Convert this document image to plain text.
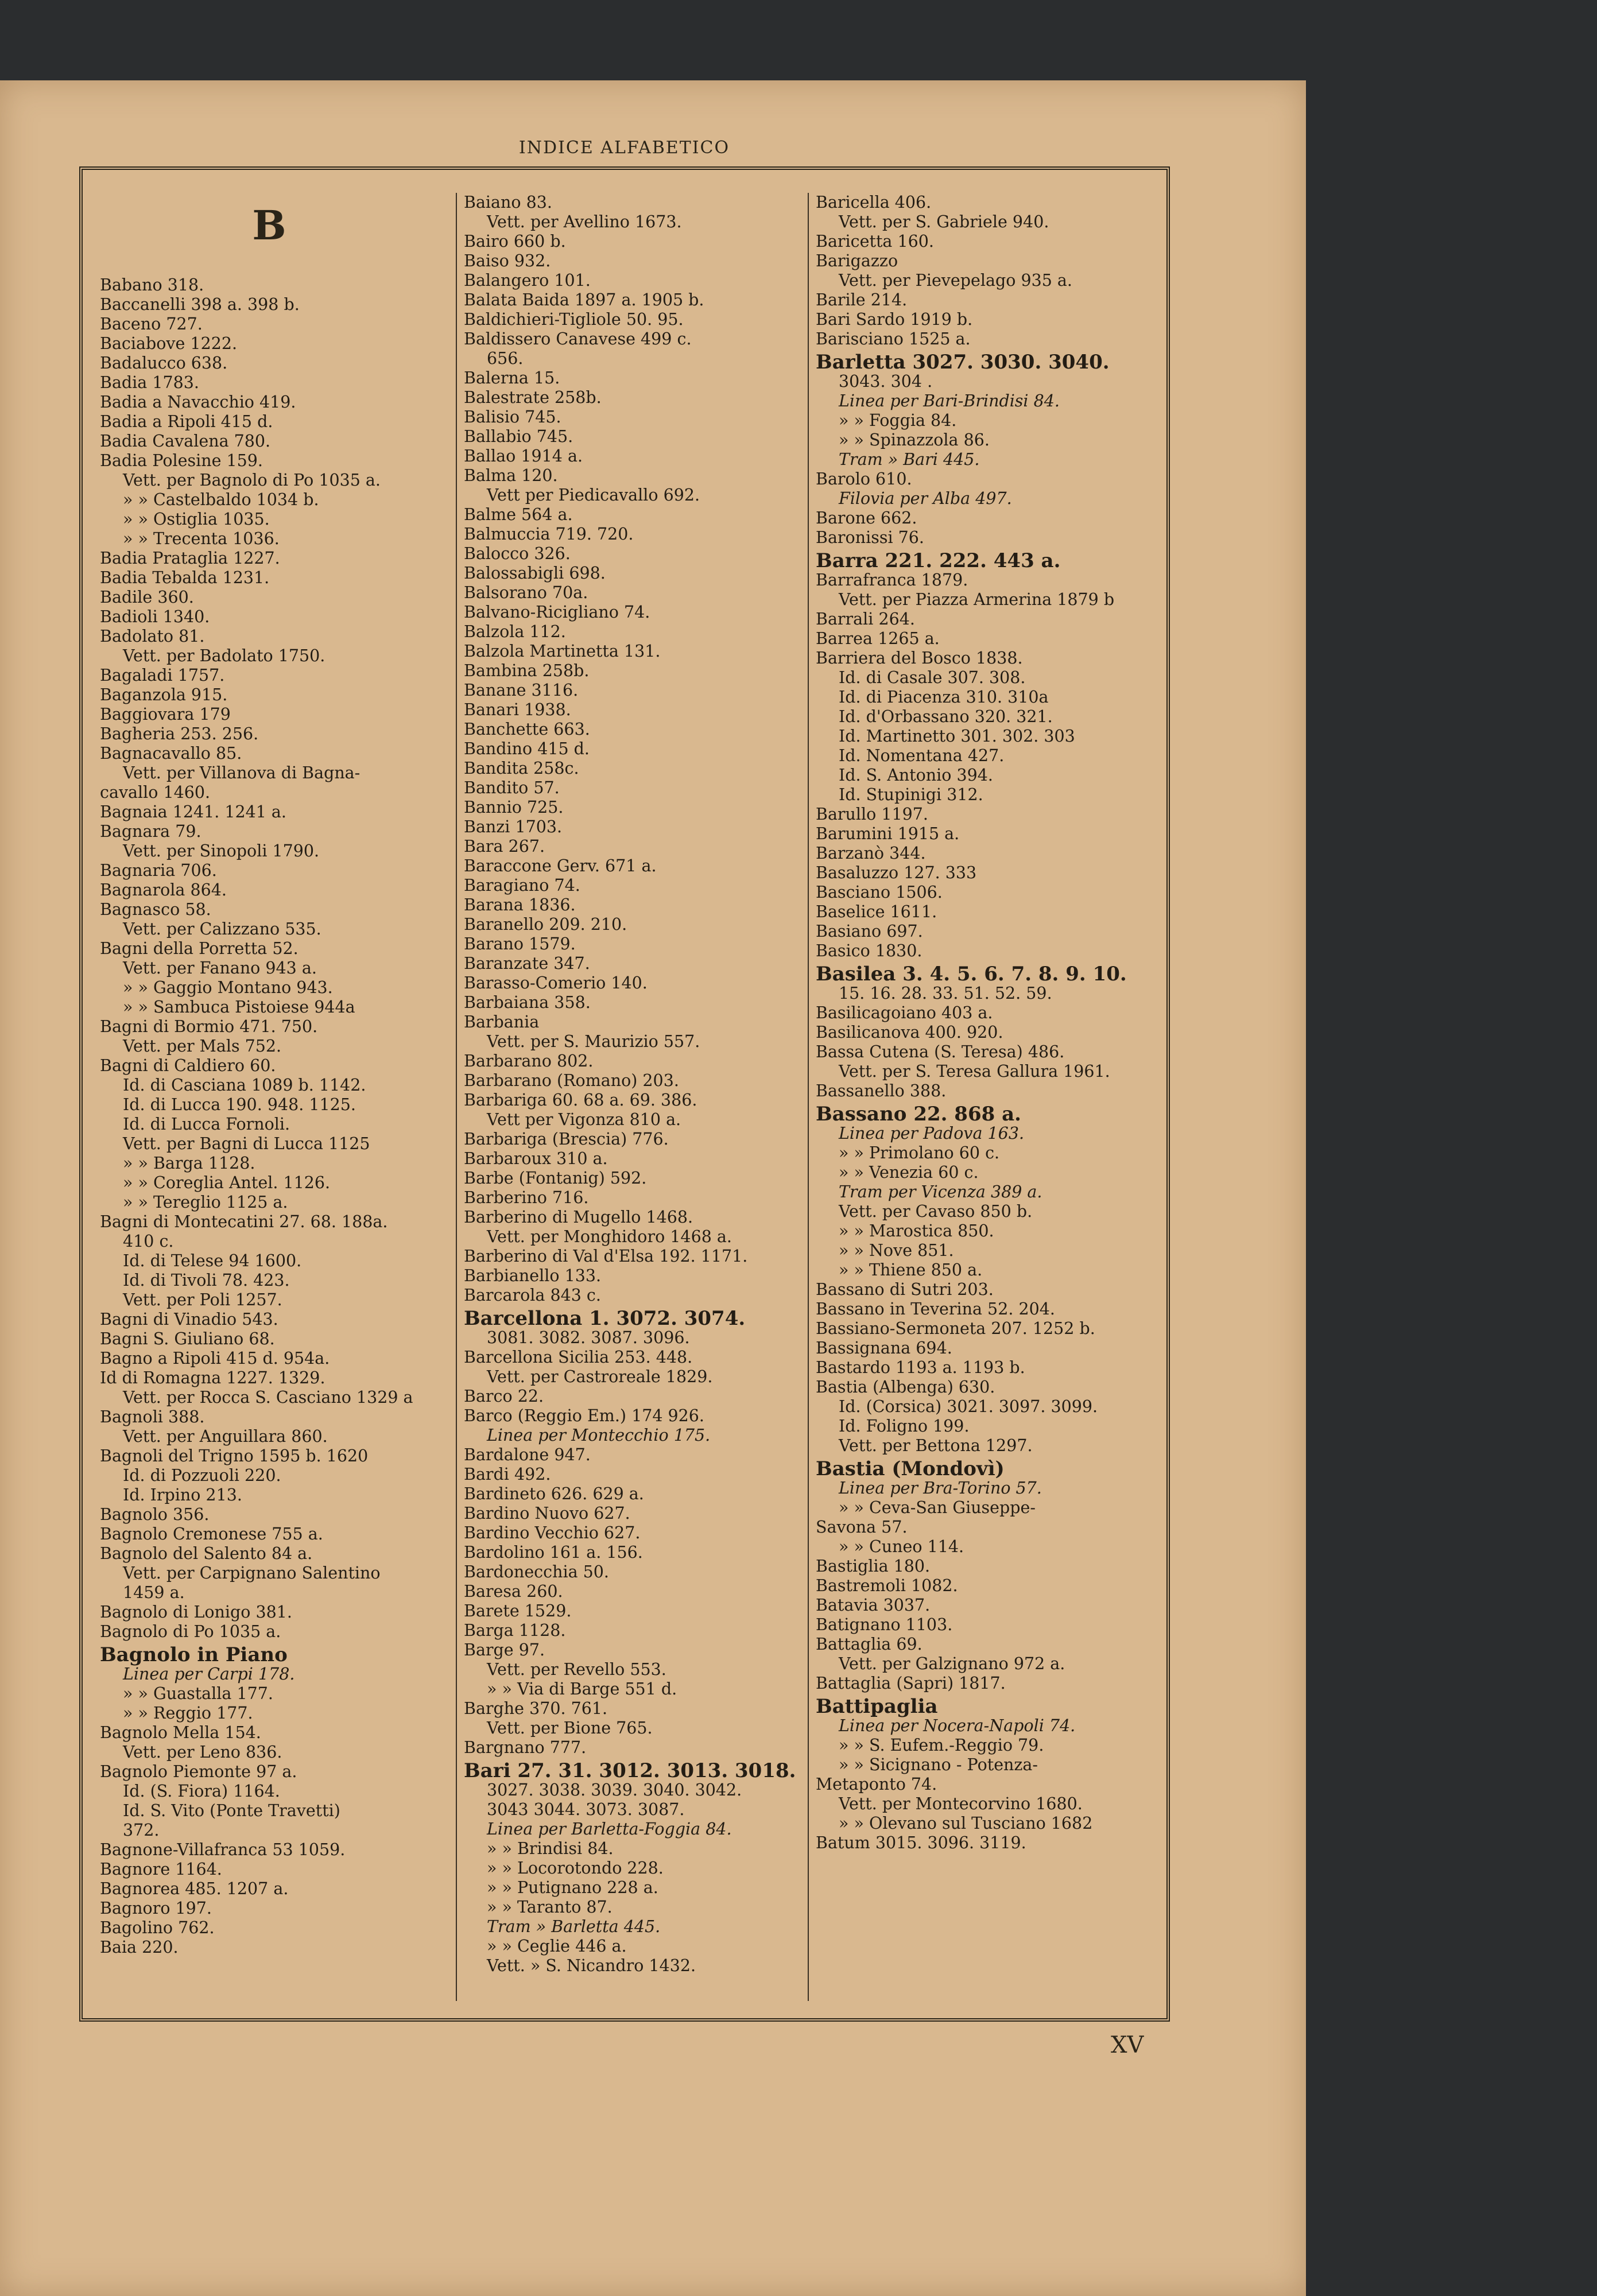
INDICE ALFABETICO
B
Babano 318.
Baccanelli 398 a. 398 b.
Baceno 727.
Baciabove 1222.
Badalucco 638.
Badia 1783.
Badia a Navacchio 419.
Badia a Ripoli 415 d.
Badia Cavalena 780.
Badia Polesine 159.
Vett. per Bagnolo di Po 1035 a.
» » Castelbaldo 1034 b.
» » Ostiglia 1035.
» » Trecenta 1036.
Badia Prataglia 1227.
Badia Tebalda 1231.
Badile 360.
Badioli 1340.
Badolato 81.
Vett. per Badolato 1750.
Bagaladi 1757.
Baganzola 915.
Baggiovara 179
Bagheria 253. 256.
Bagnacavallo 85.
Vett. per Villanova di Bagna-
cavallo 1460.
Bagnaia 1241. 1241 a.
Bagnara 79.
Vett. per Sinopoli 1790.
Bagnaria 706.
Bagnarola 864.
Bagnasco 58.
Vett. per Calizzano 535.
Bagni della Porretta 52.
Vett. per Fanano 943 a.
» » Gaggio Montano 943.
» » Sambuca Pistoiese 944a
Bagni di Bormio 471. 750.
Vett. per Mals 752.
Bagni di Caldiero 60.
Id. di Casciana 1089 b. 1142.
Id. di Lucca 190. 948. 1125.
Id. di Lucca Fornoli.
Vett. per Bagni di Lucca 1125
» » Barga 1128.
» » Coreglia Antel. 1126.
» » Tereglio 1125 a.
Bagni di Montecatini 27. 68. 188a.
410 c.
Id. di Telese 94 1600.
Id. di Tivoli 78. 423.
Vett. per Poli 1257.
Bagni di Vinadio 543.
Bagni S. Giuliano 68.
Bagno a Ripoli 415 d. 954a.
Id di Romagna 1227. 1329.
Vett. per Rocca S. Casciano 1329 a
Bagnoli 388.
Vett. per Anguillara 860.
Bagnoli del Trigno 1595 b. 1620
Id. di Pozzuoli 220.
Id. Irpino 213.
Bagnolo 356.
Bagnolo Cremonese 755 a.
Bagnolo del Salento 84 a.
Vett. per Carpignano Salentino
1459 a.
Bagnolo di Lonigo 381.
Bagnolo di Po 1035 a.
Bagnolo in Piano
Linea per Carpi 178.
» » Guastalla 177.
» » Reggio 177.
Bagnolo Mella 154.
Vett. per Leno 836.
Bagnolo Piemonte 97 a.
Id. (S. Fiora) 1164.
Id. S. Vito (Ponte Travetti)
372.
Bagnone-Villafranca 53 1059.
Bagnore 1164.
Bagnorea 485. 1207 a.
Bagnoro 197.
Bagolino 762.
Baia 220.
Baiano 83.
Vett. per Avellino 1673.
Bairo 660 b.
Baiso 932.
Balangero 101.
Balata Baida 1897 a. 1905 b.
Baldichieri-Tigliole 50. 95.
Baldissero Canavese 499 c.
656.
Balerna 15.
Balestrate 258b.
Balisio 745.
Ballabio 745.
Ballao 1914 a.
Balma 120.
Vett per Piedicavallo 692.
Balme 564 a.
Balmuccia 719. 720.
Balocco 326.
Balossabigli 698.
Balsorano 70a.
Balvano-Ricigliano 74.
Balzola 112.
Balzola Martinetta 131.
Bambina 258b.
Banane 3116.
Banari 1938.
Banchette 663.
Bandino 415 d.
Bandita 258c.
Bandito 57.
Bannio 725.
Banzi 1703.
Bara 267.
Baraccone Gerv. 671 a.
Baragiano 74.
Barana 1836.
Baranello 209. 210.
Barano 1579.
Baranzate 347.
Barasso-Comerio 140.
Barbaiana 358.
Barbania
Vett. per S. Maurizio 557.
Barbarano 802.
Barbarano (Romano) 203.
Barbariga 60. 68 a. 69. 386.
Vett per Vigonza 810 a.
Barbariga (Brescia) 776.
Barbaroux 310 a.
Barbe (Fontanig) 592.
Barberino 716.
Barberino di Mugello 1468.
Vett. per Monghidoro 1468 a.
Barberino di Val d'Elsa 192. 1171.
Barbianello 133.
Barcarola 843 c.
Barcellona 1. 3072. 3074.
3081. 3082. 3087. 3096.
Barcellona Sicilia 253. 448.
Vett. per Castroreale 1829.
Barco 22.
Barco (Reggio Em.) 174 926.
Linea per Montecchio 175.
Bardalone 947.
Bardi 492.
Bardineto 626. 629 a.
Bardino Nuovo 627.
Bardino Vecchio 627.
Bardolino 161 a. 156.
Bardonecchia 50.
Baresa 260.
Barete 1529.
Barga 1128.
Barge 97.
Vett. per Revello 553.
» » Via di Barge 551 d.
Barghe 370. 761.
Vett. per Bione 765.
Bargnano 777.
Bari 27. 31. 3012. 3013. 3018.
3027. 3038. 3039. 3040. 3042.
3043 3044. 3073. 3087.
Linea per Barletta-Foggia 84.
» » Brindisi 84.
» » Locorotondo 228.
» » Putignano 228 a.
» » Taranto 87.
Tram » Barletta 445.
» » Ceglie 446 a.
Vett. » S. Nicandro 1432.
Baricella 406.
Vett. per S. Gabriele 940.
Baricetta 160.
Barigazzo
Vett. per Pievepelago 935 a.
Barile 214.
Bari Sardo 1919 b.
Barisciano 1525 a.
Barletta 3027. 3030. 3040.
3043. 304 .
Linea per Bari-Brindisi 84.
» » Foggia 84.
» » Spinazzola 86.
Tram » Bari 445.
Barolo 610.
Filovia per Alba 497.
Barone 662.
Baronissi 76.
Barra 221. 222. 443 a.
Barrafranca 1879.
Vett. per Piazza Armerina 1879 b
Barrali 264.
Barrea 1265 a.
Barriera del Bosco 1838.
Id. di Casale 307. 308.
Id. di Piacenza 310. 310a
Id. d'Orbassano 320. 321.
Id. Martinetto 301. 302. 303
Id. Nomentana 427.
Id. S. Antonio 394.
Id. Stupinigi 312.
Barullo 1197.
Barumini 1915 a.
Barzanò 344.
Basaluzzo 127. 333
Basciano 1506.
Baselice 1611.
Basiano 697.
Basico 1830.
Basilea 3. 4. 5. 6. 7. 8. 9. 10.
15. 16. 28. 33. 51. 52. 59.
Basilicagoiano 403 a.
Basilicanova 400. 920.
Bassa Cutena (S. Teresa) 486.
Vett. per S. Teresa Gallura 1961.
Bassanello 388.
Bassano 22. 868 a.
Linea per Padova 163.
» » Primolano 60 c.
» » Venezia 60 c.
Tram per Vicenza 389 a.
Vett. per Cavaso 850 b.
» » Marostica 850.
» » Nove 851.
» » Thiene 850 a.
Bassano di Sutri 203.
Bassano in Teverina 52. 204.
Bassiano-Sermoneta 207. 1252 b.
Bassignana 694.
Bastardo 1193 a. 1193 b.
Bastia (Albenga) 630.
Id. (Corsica) 3021. 3097. 3099.
Id. Foligno 199.
Vett. per Bettona 1297.
Bastia (Mondovì)
Linea per Bra-Torino 57.
» » Ceva-San Giuseppe-
Savona 57.
» » Cuneo 114.
Bastiglia 180.
Bastremoli 1082.
Batavia 3037.
Batignano 1103.
Battaglia 69.
Vett. per Galzignano 972 a.
Battaglia (Sapri) 1817.
Battipaglia
Linea per Nocera-Napoli 74.
» » S. Eufem.-Reggio 79.
» » Sicignano - Potenza-
Metaponto 74.
Vett. per Montecorvino 1680.
» » Olevano sul Tusciano 1682
Batum 3015. 3096. 3119.
XV
